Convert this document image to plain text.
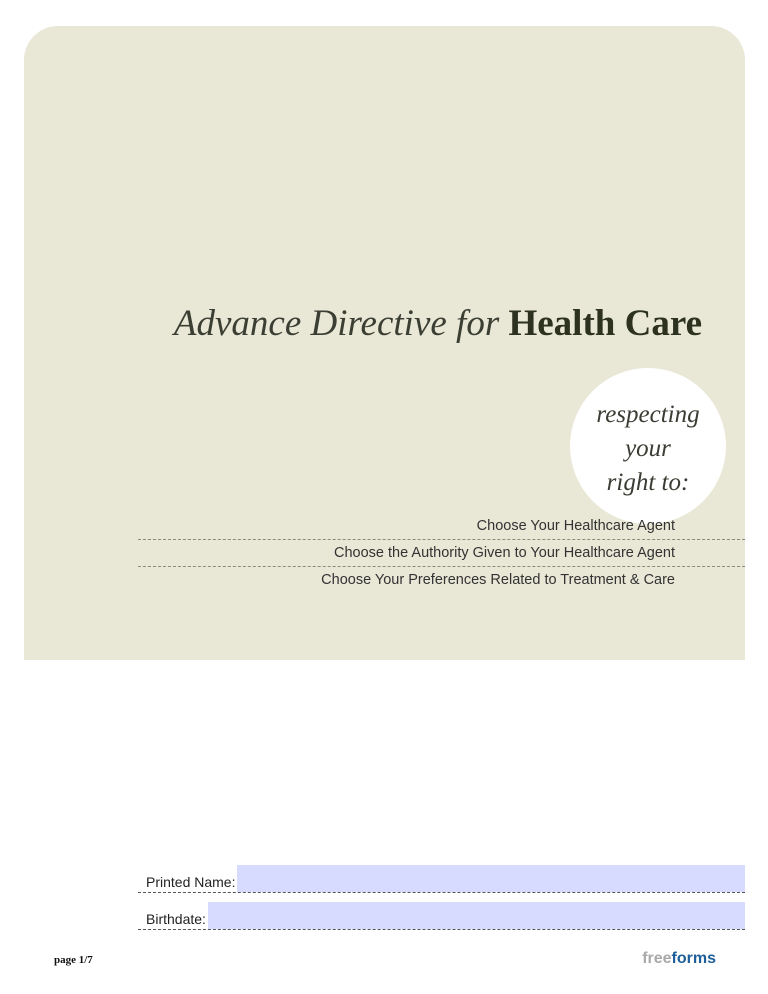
Advance Directive for Health Care
respecting
your
right to:
Choose Your Healthcare Agent
Choose the Authority Given to Your Healthcare Agent
Choose Your Preferences Related to Treatment & Care
Printed Name:
Birthdate:
page 1/7	freeforms
